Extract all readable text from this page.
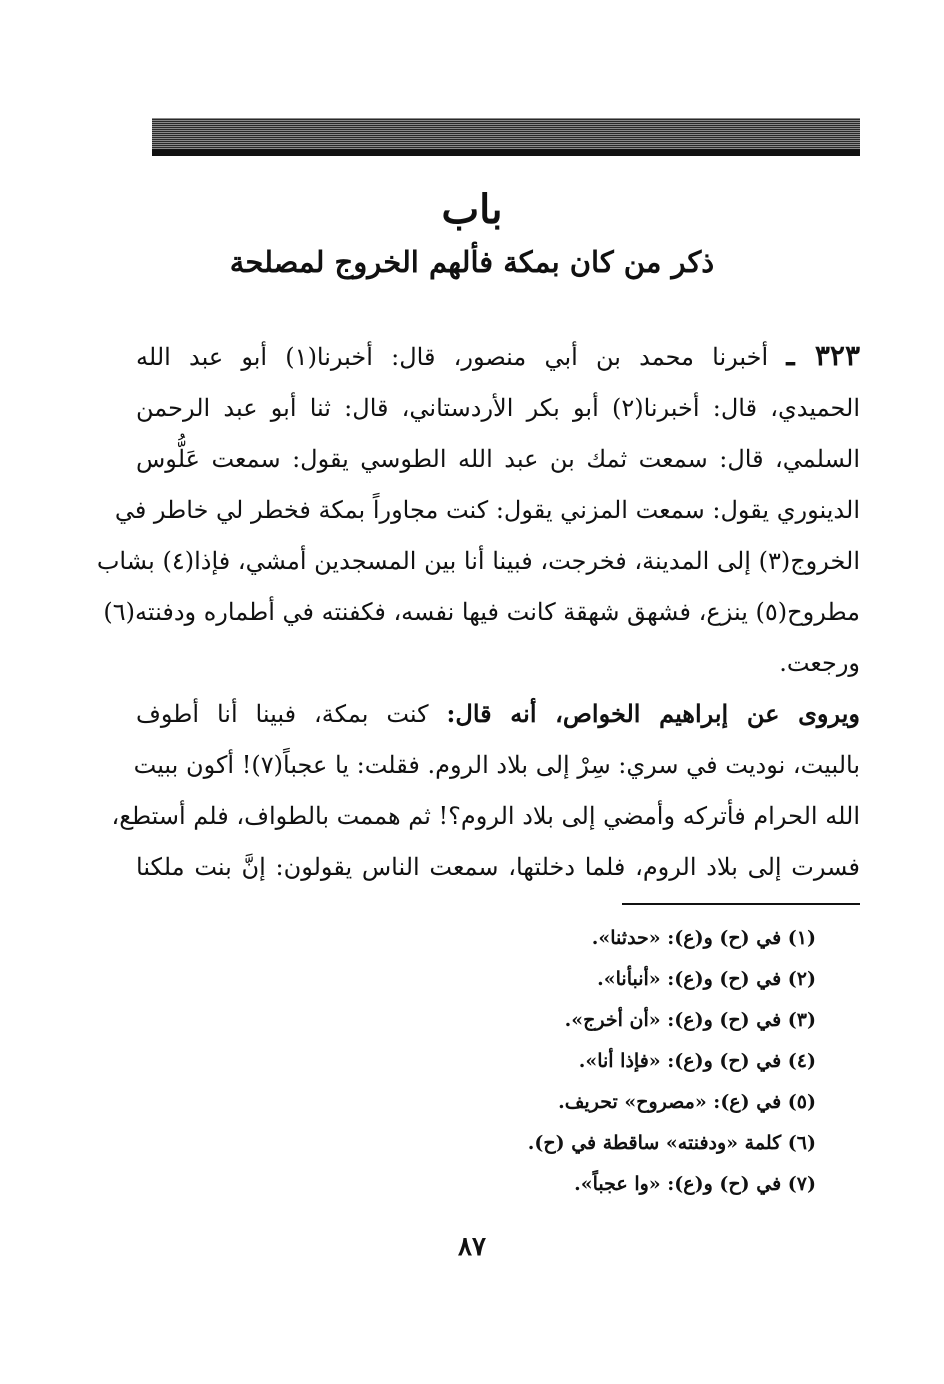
باب
ذكر من كان بمكة فألهم الخروج لمصلحة
٣٢٣ ـ أخبرنا محمد بن أبي منصور، قال: أخبرنا(١) أبو عبد الله
الحميدي، قال: أخبرنا(٢) أبو بكر الأردستاني، قال: ثنا أبو عبد الرحمن
السلمي، قال: سمعت ثمك بن عبد الله الطوسي يقول: سمعت عَلُّوس
الدينوري يقول: سمعت المزني يقول: كنت مجاوراً بمكة فخطر لي خاطر في
الخروج(٣) إلى المدينة، فخرجت، فبينا أنا بين المسجدين أمشي، فإذا(٤) بشاب
مطروح(٥) ينزع، فشهق شهقة كانت فيها نفسه، فكفنته في أطماره ودفنته(٦)
ورجعت.
ويروى عن إبراهيم الخواص، أنه قال: كنت بمكة، فبينا أنا أطوف
بالبيت، نوديت في سري: سِرْ إلى بلاد الروم. فقلت: يا عجباً(٧)! أكون ببيت
الله الحرام فأتركه وأمضي إلى بلاد الروم؟! ثم هممت بالطواف، فلم أستطع،
فسرت إلى بلاد الروم، فلما دخلتها، سمعت الناس يقولون: إنَّ بنت ملكنا
(١) في (ح) و(ع): «حدثنا».
(٢) في (ح) و(ع): «أنبأنا».
(٣) في (ح) و(ع): «أن أخرج».
(٤) في (ح) و(ع): «فإذا أنا».
(٥) في (ع): «مصروح» تحريف.
(٦) كلمة «ودفنته» ساقطة في (ح).
(٧) في (ح) و(ع): «وا عجباً».
٨٧
